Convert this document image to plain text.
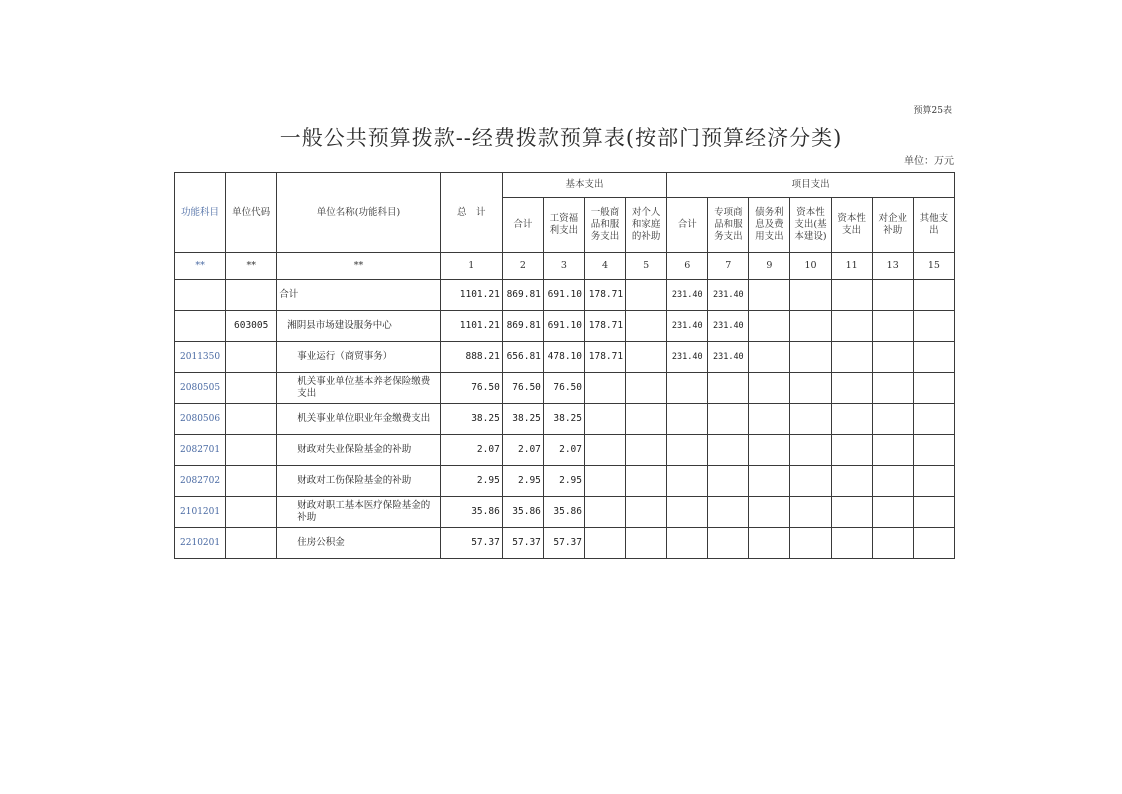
预算25表
一般公共预算拨款--经费拨款预算表(按部门预算经济分类)
单位：万元
功能科目	单位代码	单位名称(功能科目)	总　计	基本支出				项目支出						
				合计	工资福利支出	一般商品和服务支出	对个人和家庭的补助	合计	专项商品和服务支出	债务利息及费用支出	资本性支出(基本建设)	资本性支出	对企业补助	其他支出
**	**	**	1	2	3	4	5	6	7	9	10	11	13	15
		合计	1101.21	869.81	691.10	178.71		231.40	231.40					
	603005	湘阴县市场建设服务中心	1101.21	869.81	691.10	178.71		231.40	231.40					
2011350		事业运行（商贸事务）	888.21	656.81	478.10	178.71		231.40	231.40					
2080505		机关事业单位基本养老保险缴费支出	76.50	76.50	76.50									
2080506		机关事业单位职业年金缴费支出	38.25	38.25	38.25									
2082701		财政对失业保险基金的补助	2.07	2.07	2.07									
2082702		财政对工伤保险基金的补助	2.95	2.95	2.95									
2101201		财政对职工基本医疗保险基金的补助	35.86	35.86	35.86									
2210201		住房公积金	57.37	57.37	57.37									
